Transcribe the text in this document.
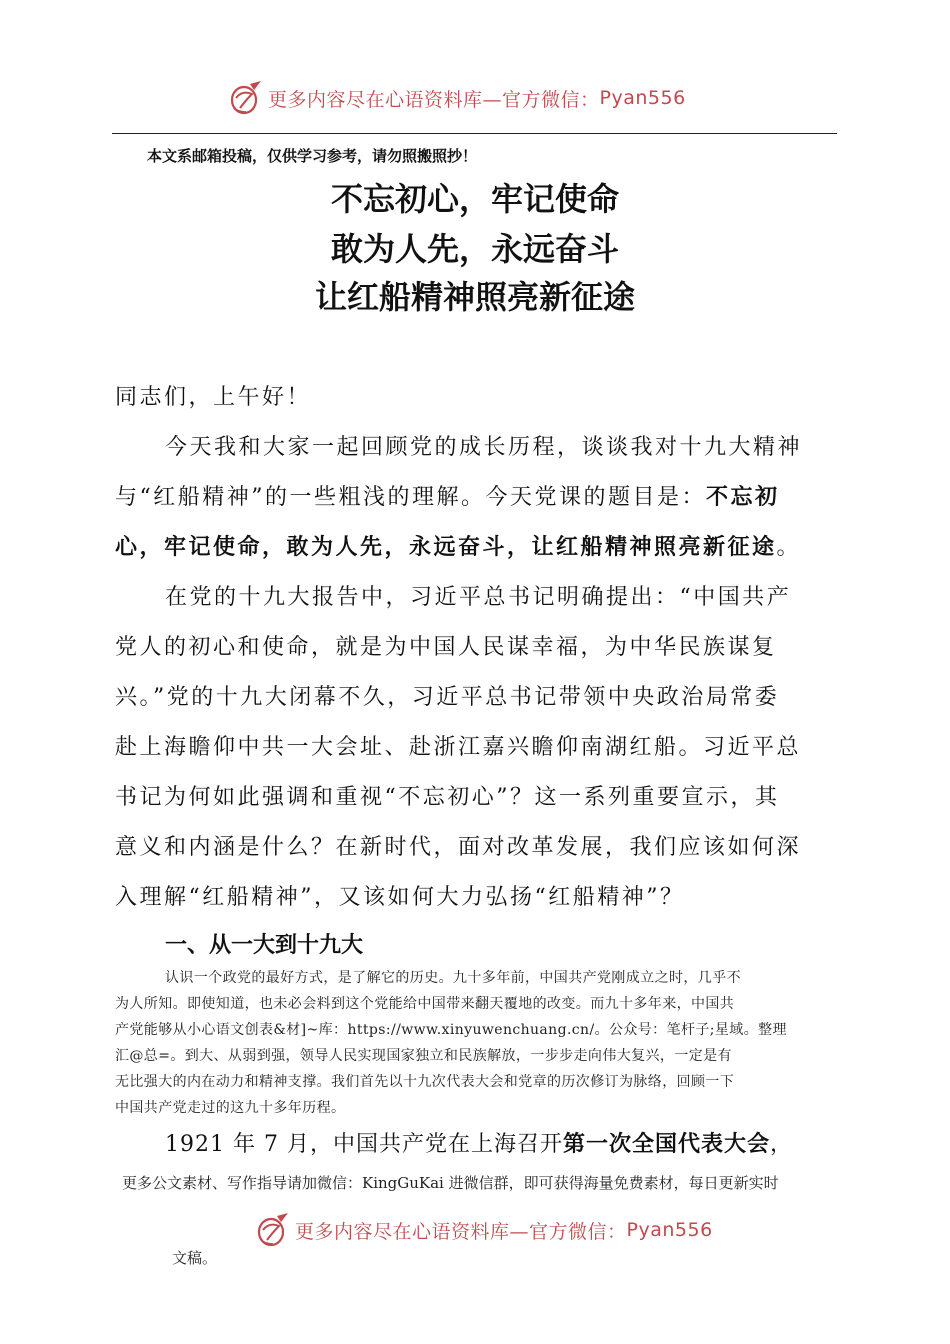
更多内容尽在心语资料库—官方微信： Pyan556
本文系邮箱投稿，仅供学习参考，请勿照搬照抄！
不忘初心，牢记使命
敢为人先，永远奋斗
让红船精神照亮新征途
同志们，上午好！
今天我和大家一起回顾党的成长历程，谈谈我对十九大精神
与“红船精神”的一些粗浅的理解。今天党课的题目是：不忘初
心，牢记使命，敢为人先，永远奋斗，让红船精神照亮新征途。
在党的十九大报告中，习近平总书记明确提出：“中国共产
党人的初心和使命，就是为中国人民谋幸福，为中华民族谋复
兴。”党的十九大闭幕不久，习近平总书记带领中央政治局常委
赴上海瞻仰中共一大会址、赴浙江嘉兴瞻仰南湖红船。习近平总
书记为何如此强调和重视“不忘初心”？这一系列重要宣示，其
意义和内涵是什么？在新时代，面对改革发展，我们应该如何深
入理解“红船精神”，又该如何大力弘扬“红船精神”？
一、从一大到十九大
认识一个政党的最好方式，是了解它的历史。九十多年前，中国共产党刚成立之时，几乎不
为人所知。即使知道，也未必会料到这个党能给中国带来翻天覆地的改变。而九十多年来，中国共
产党能够从小心语文创表&材]~库：https://www.xinyuwenchuang.cn/。公众号：笔杆子;星域。整理
汇@总=。到大、从弱到强，领导人民实现国家独立和民族解放，一步步走向伟大复兴，一定是有
无比强大的内在动力和精神支撑。我们首先以十九次代表大会和党章的历次修订为脉络，回顾一下
中国共产党走过的这九十多年历程。
1921 年 7 月，中国共产党在上海召开第一次全国代表大会，
更多公文素材、写作指导请加微信：KingGuKai 进微信群，即可获得海量免费素材，每日更新实时
更多内容尽在心语资料库—官方微信： Pyan556
文稿。
